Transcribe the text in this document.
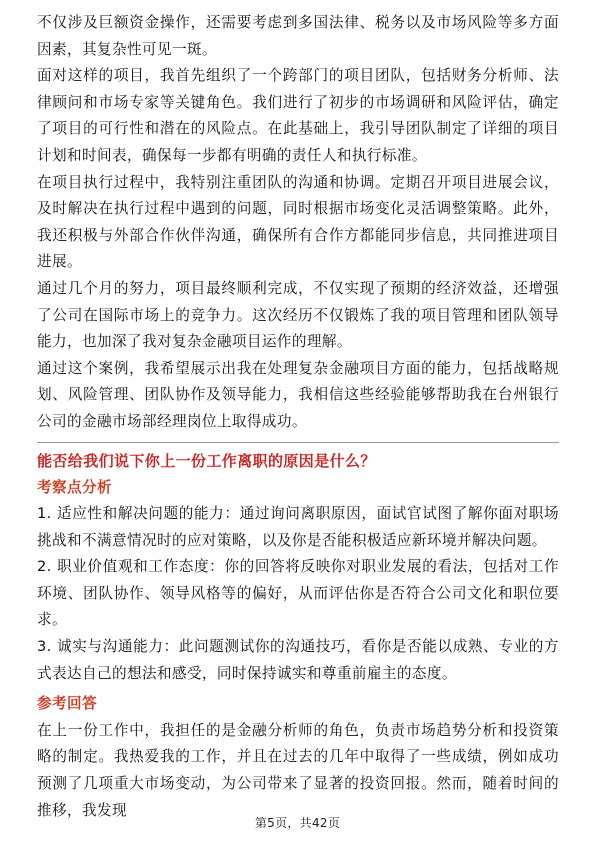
不仅涉及巨额资金操作，还需要考虑到多国法律、税务以及市场风险等多方面因素，其复杂性可见一斑。

面对这样的项目，我首先组织了一个跨部门的项目团队，包括财务分析师、法律顾问和市场专家等关键角色。我们进行了初步的市场调研和风险评估，确定了项目的可行性和潜在的风险点。在此基础上，我引导团队制定了详细的项目计划和时间表，确保每一步都有明确的责任人和执行标准。

在项目执行过程中，我特别注重团队的沟通和协调。定期召开项目进展会议，及时解决在执行过程中遇到的问题，同时根据市场变化灵活调整策略。此外，我还积极与外部合作伙伴沟通，确保所有合作方都能同步信息，共同推进项目进展。

通过几个月的努力，项目最终顺利完成，不仅实现了预期的经济效益，还增强了公司在国际市场上的竞争力。这次经历不仅锻炼了我的项目管理和团队领导能力，也加深了我对复杂金融项目运作的理解。

通过这个案例，我希望展示出我在处理复杂金融项目方面的能力，包括战略规划、风险管理、团队协作及领导能力，我相信这些经验能够帮助我在台州银行公司的金融市场部经理岗位上取得成功。

能否给我们说下你上一份工作离职的原因是什么？

考察点分析

1. 适应性和解决问题的能力：通过询问离职原因，面试官试图了解你面对职场挑战和不满意情况时的应对策略，以及你是否能积极适应新环境并解决问题。

2. 职业价值观和工作态度：你的回答将反映你对职业发展的看法，包括对工作环境、团队协作、领导风格等的偏好，从而评估你是否符合公司文化和职位要求。

3. 诚实与沟通能力：此问题测试你的沟通技巧，看你是否能以成熟、专业的方式表达自己的想法和感受，同时保持诚实和尊重前雇主的态度。

参考回答

在上一份工作中，我担任的是金融分析师的角色，负责市场趋势分析和投资策略的制定。我热爱我的工作，并且在过去的几年中取得了一些成绩，例如成功预测了几项重大市场变动，为公司带来了显著的投资回报。然而，随着时间的推移，我发现

第5页，共42页
